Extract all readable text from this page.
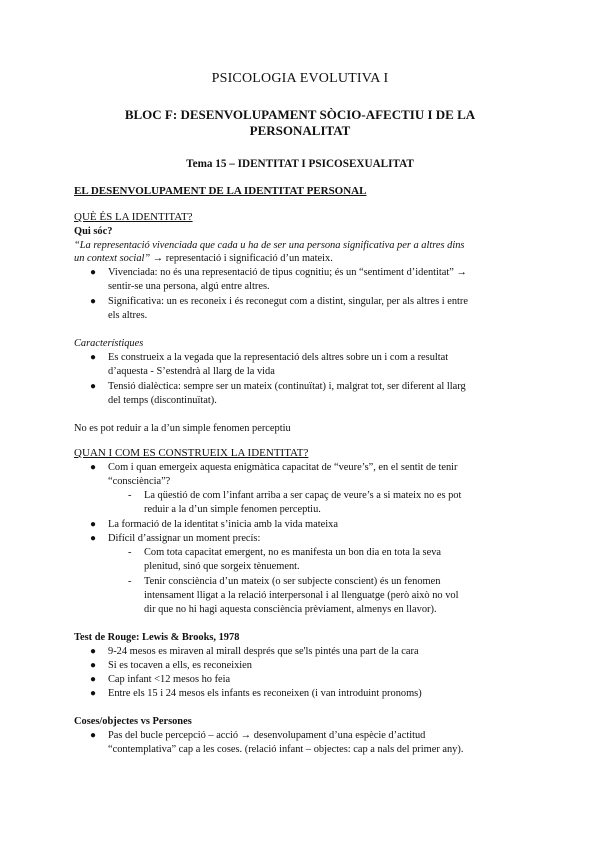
PSICOLOGIA EVOLUTIVA I
BLOC F: DESENVOLUPAMENT SÒCIO-AFECTIU I DE LA PERSONALITAT
Tema 15 – IDENTITAT I PSICOSEXUALITAT
EL DESENVOLUPAMENT DE LA IDENTITAT PERSONAL
QUÈ ÉS LA IDENTITAT?
Qui sóc?
“La representació vivenciada que cada u ha de ser una persona significativa per a altres dins
un context social” → representació i significació d’un mateix.
● Vivenciada: no és una representació de tipus cognitiu; és un “sentiment d’identitat” →
sentir-se una persona, algú entre altres.
● Significativa: un es reconeix i és reconegut com a distint, singular, per als altres i entre
els altres.
Característiques
● Es construeix a la vegada que la representació dels altres sobre un i com a resultat
d’aquesta - S’estendrà al llarg de la vida
● Tensió dialèctica: sempre ser un mateix (continuïtat) i, malgrat tot, ser diferent al llarg
del temps (discontinuïtat).
No es pot reduir a la d’un simple fenomen perceptiu
QUAN I COM ES CONSTRUEIX LA IDENTITAT?
● Com i quan emergeix aquesta enigmàtica capacitat de “veure’s”, en el sentit de tenir
“consciència”?
- La qüestió de com l’infant arriba a ser capaç de veure’s a si mateix no es pot
reduir a la d’un simple fenomen perceptiu.
● La formació de la identitat s’inicia amb la vida mateixa
● Difícil d’assignar un moment precís:
- Com tota capacitat emergent, no es manifesta un bon dia en tota la seva
plenitud, sinó que sorgeix tènuement.
- Tenir consciència d’un mateix (o ser subjecte conscient) és un fenomen
intensament lligat a la relació interpersonal i al llenguatge (però això no vol
dir que no hi hagi aquesta consciència prèviament, almenys en llavor).
Test de Rouge: Lewis & Brooks, 1978
● 9-24 mesos es miraven al mirall després que se'ls pintés una part de la cara
● Si es tocaven a ells, es reconeixien
● Cap infant <12 mesos ho feia
● Entre els 15 i 24 mesos els infants es reconeixen (i van introduint pronoms)
Coses/objectes vs Persones
● Pas del bucle percepció – acció → desenvolupament d’una espècie d’actitud
“contemplativa” cap a les coses. (relació infant – objectes: cap a nals del primer any).
